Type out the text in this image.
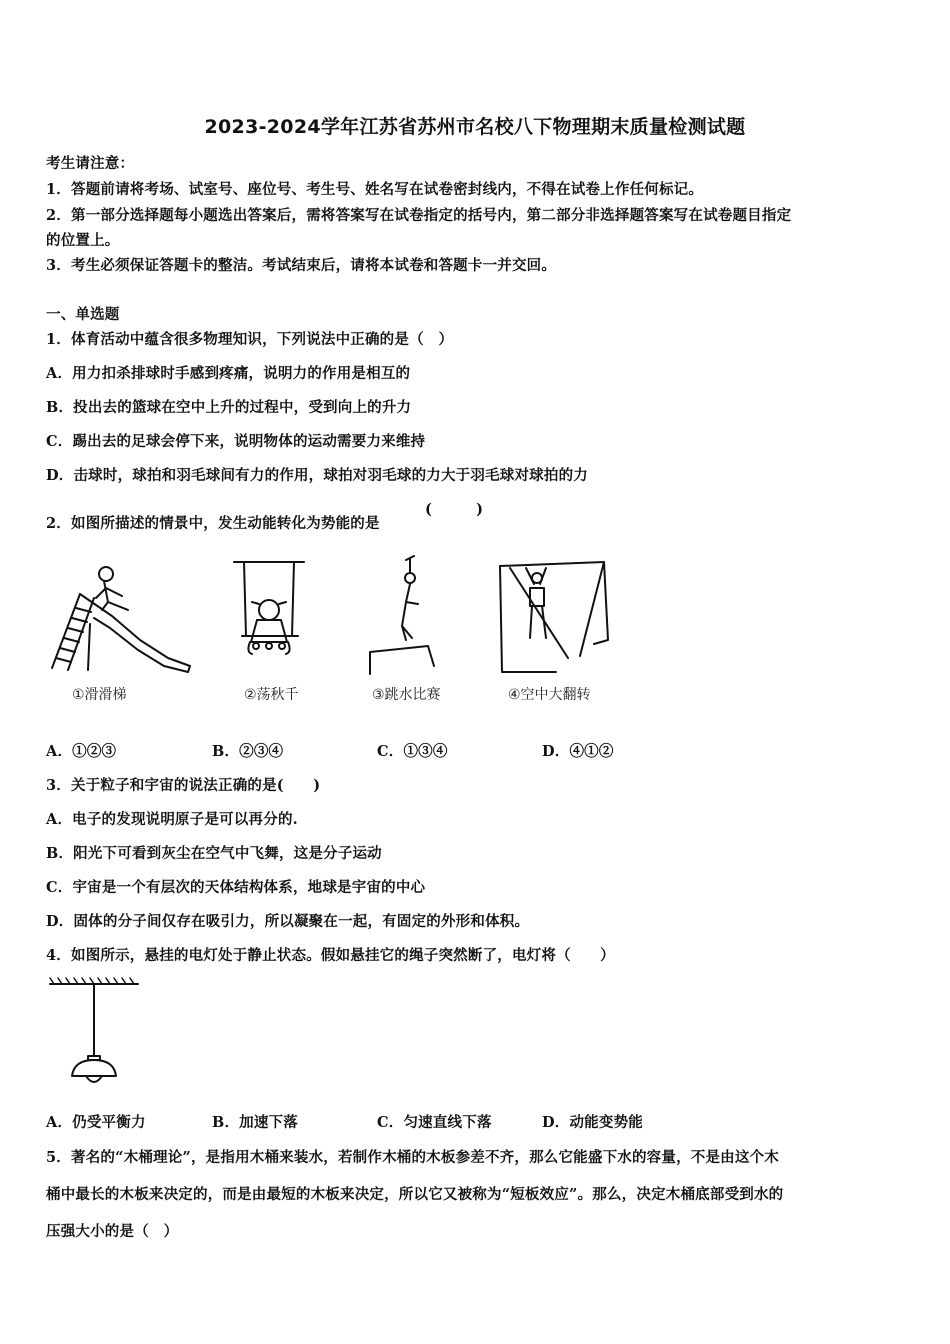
2023-2024学年江苏省苏州市名校八下物理期末质量检测试题
考生请注意：
1．答题前请将考场、试室号、座位号、考生号、姓名写在试卷密封线内，不得在试卷上作任何标记。
2．第一部分选择题每小题选出答案后，需将答案写在试卷指定的括号内，第二部分非选择题答案写在试卷题目指定
的位置上。
3．考生必须保证答题卡的整洁。考试结束后，请将本试卷和答题卡一并交回。
一、单选题
1．体育活动中蕴含很多物理知识，下列说法中正确的是（　）
A．用力扣杀排球时手感到疼痛，说明力的作用是相互的
B．投出去的篮球在空中上升的过程中，受到向上的升力
C．踢出去的足球会停下来，说明物体的运动需要力来维持
D．击球时，球拍和羽毛球间有力的作用，球拍对羽毛球的力大于羽毛球对球拍的力
2．如图所描述的情景中，发生动能转化为势能的是
(　　　)
①滑滑梯	②荡秋千	③跳水比赛	④空中大翻转
A．①②③	B．②③④	C．①③④	D．④①②
3．关于粒子和宇宙的说法正确的是(　　)
A．电子的发现说明原子是可以再分的.
B．阳光下可看到灰尘在空气中飞舞，这是分子运动
C．宇宙是一个有层次的天体结构体系，地球是宇宙的中心
D．固体的分子间仅存在吸引力，所以凝聚在一起，有固定的外形和体积。
4．如图所示，悬挂的电灯处于静止状态。假如悬挂它的绳子突然断了，电灯将（　　）
A．仍受平衡力	B．加速下落	C．匀速直线下落	D．动能变势能
5．著名的“木桶理论”，是指用木桶来装水，若制作木桶的木板参差不齐，那么它能盛下水的容量，不是由这个木
桶中最长的木板来决定的，而是由最短的木板来决定，所以它又被称为“短板效应”。那么，决定木桶底部受到水的
压强大小的是（　）
